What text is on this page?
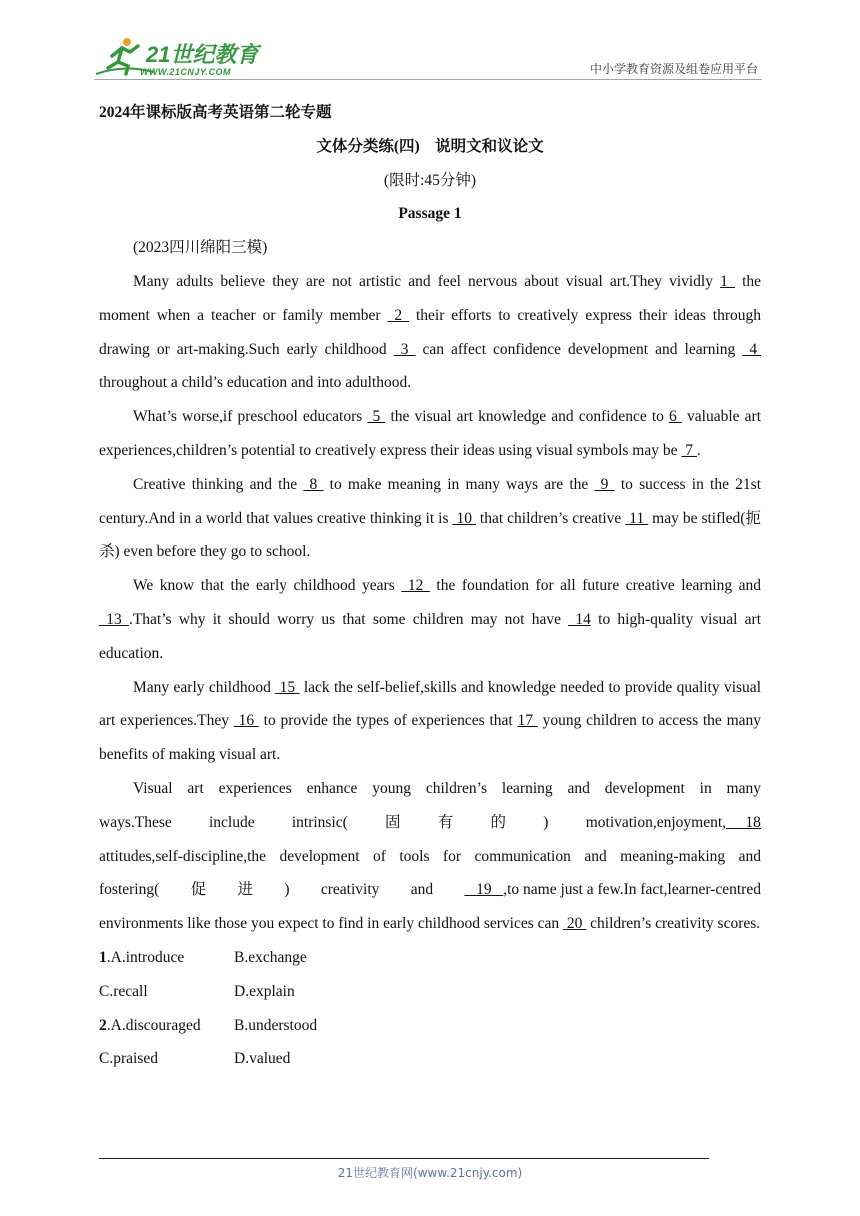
21世纪教育
WWW.21CNJY.COM	中小学教育资源及组卷应用平台

2024年课标版高考英语第二轮专题

文体分类练(四)　说明文和议论文

(限时:45分钟)

Passage 1

(2023四川绵阳三模)

Many adults believe they are not artistic and feel nervous about visual art.They vividly 1  the moment when a teacher or family member  2  their efforts to creatively express their ideas through drawing or art-making.Such early childhood  3  can affect confidence development and learning  4  throughout a child’s education and into adulthood.

What’s worse,if preschool educators  5  the visual art knowledge and confidence to 6  valuable art experiences,children’s potential to creatively express their ideas using visual symbols may be  7 .

Creative thinking and the  8  to make meaning in many ways are the  9  to success in the 21st century.And in a world that values creative thinking it is  10  that children’s creative  11  may be stifled(扼杀) even before they go to school.

We know that the early childhood years  12  the foundation for all future creative learning and  13 .That’s why it should worry us that some children may not have  14 to high-quality visual art education.

Many early childhood  15  lack the self-belief,skills and knowledge needed to provide quality visual art experiences.They  16  to provide the types of experiences that 17  young children to access the many benefits of making visual art.

Visual art experiences enhance young children’s learning and development in many

ways.These include intrinsic( 固 有 的 ) motivation,enjoyment, 18

attitudes,self-discipline,the development of tools for communication and meaning-making and

fostering( 促 进 ) creativity and	19 ,to name just a few.In fact,learner-centred

environments like those you expect to find in early childhood services can  20  children’s creativity scores.

1.A.introduce	B.exchange
C.recall	D.explain
2.A.discouraged	B.understood
C.praised	D.valued
21世纪教育网(www.21cnjy.com)
